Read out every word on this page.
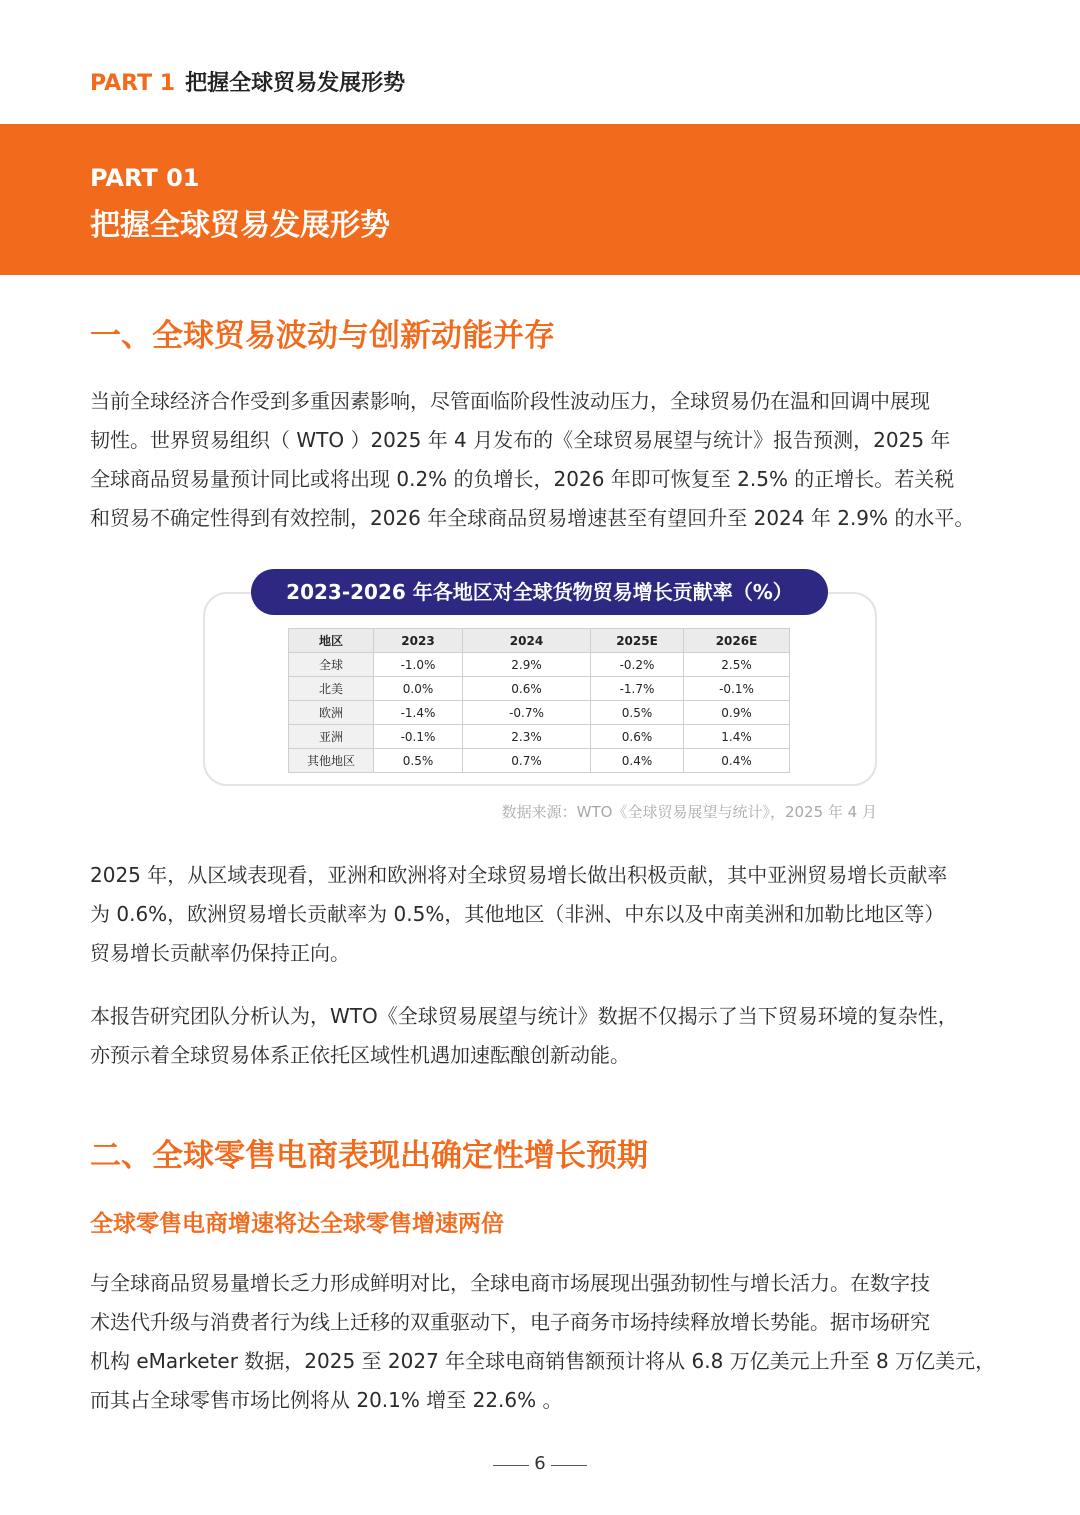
PART 1 把握全球贸易发展形势
PART 01
把握全球贸易发展形势
一、全球贸易波动与创新动能并存

当前全球经济合作受到多重因素影响，尽管面临阶段性波动压力，全球贸易仍在温和回调中展现
韧性。世界贸易组织（ WTO ）2025 年 4 月发布的《全球贸易展望与统计》报告预测，2025 年
全球商品贸易量预计同比或将出现 0.2% 的负增长，2026 年即可恢复至 2.5% 的正增长。若关税
和贸易不确定性得到有效控制，2026 年全球商品贸易增速甚至有望回升至 2024 年 2.9% 的水平。

2023-2026 年各地区对全球货物贸易增长贡献率（%）
地区	2023	2024	2025E	2026E
全球	-1.0%	2.9%	-0.2%	2.5%
北美	0.0%	0.6%	-1.7%	-0.1%
欧洲	-1.4%	-0.7%	0.5%	0.9%
亚洲	-0.1%	2.3%	0.6%	1.4%
其他地区	0.5%	0.7%	0.4%	0.4%
数据来源：WTO《全球贸易展望与统计》，2025 年 4 月

2025 年，从区域表现看，亚洲和欧洲将对全球贸易增长做出积极贡献，其中亚洲贸易增长贡献率
为 0.6%，欧洲贸易增长贡献率为 0.5%，其他地区（非洲、中东以及中南美洲和加勒比地区等）
贸易增长贡献率仍保持正向。

本报告研究团队分析认为，WTO《全球贸易展望与统计》数据不仅揭示了当下贸易环境的复杂性，
亦预示着全球贸易体系正依托区域性机遇加速酝酿创新动能。

二、全球零售电商表现出确定性增长预期
全球零售电商增速将达全球零售增速两倍

与全球商品贸易量增长乏力形成鲜明对比，全球电商市场展现出强劲韧性与增长活力。在数字技
术迭代升级与消费者行为线上迁移的双重驱动下，电子商务市场持续释放增长势能。据市场研究
机构 eMarketer 数据，2025 至 2027 年全球电商销售额预计将从 6.8 万亿美元上升至 8 万亿美元，
而其占全球零售市场比例将从 20.1% 增至 22.6% 。

6
